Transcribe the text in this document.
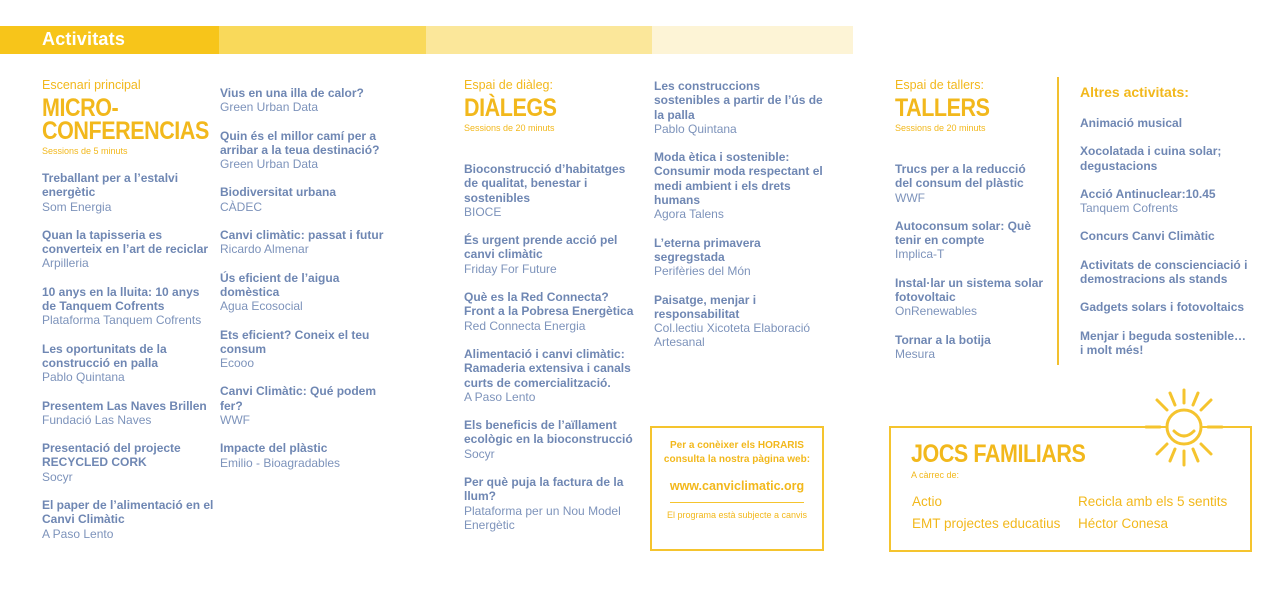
Activitats
Escenari principal
MICRO-
CONFERENCIAS
Sessions de 5 minuts
Treballant per a l’estalvi energètic
Som Energia
Quan la tapisseria es converteix en l’art de reciclar
Arpilleria
10 anys en la lluita: 10 anys de Tanquem Cofrents
Plataforma Tanquem Cofrents
Les oportunitats de la construcció en palla
Pablo Quintana
Presentem Las Naves Brillen
Fundació Las Naves
Presentació del projecte RECYCLED CORK
Socyr
El paper de l’alimentació en el Canvi Climàtic
A Paso Lento
Vius en una illa de calor?
Green Urban Data
Quin és el millor camí per a arribar a la teua destinació?
Green Urban Data
Biodiversitat urbana
CÀDEC
Canvi climàtic: passat i futur
Ricardo Almenar
Ús eficient de l’aigua domèstica
Agua Ecosocial
Ets eficient? Coneix el teu consum
Ecooo
Canvi Climàtic: Qué podem fer?
WWF
Impacte del plàstic
Emilio - Bioagradables
Espai de diàleg:
DIÀLEGS
Sessions de 20 minuts
Bioconstrucció d’habitatges de qualitat, benestar i sostenibles
BIOCE
És urgent prende acció pel canvi climàtic
Friday For Future
Què es la Red Connecta? Front a la Pobresa Energètica
Red Connecta Energia
Alimentació i canvi climàtic: Ramaderia extensiva i canals curts de comercialització.
A Paso Lento
Els beneficis de l’aïllament ecològic en la bioconstrucció
Socyr
Per què puja la factura de la llum?
Plataforma per un Nou Model Energètic
Les construccions sostenibles a partir de l’ús de la palla
Pablo Quintana
Moda ètica i sostenible: Consumir moda respectant el medi ambient i els drets humans
Agora Talens
L’eterna primavera segregstada
Perifèries del Món
Paisatge, menjar i responsabilitat
Col.lectiu Xicoteta Elaboració Artesanal
Espai de tallers:
TALLERS
Sessions de 20 minuts
Trucs per a la reducció del consum del plàstic
WWF
Autoconsum solar: Què tenir en compte
Implica-T
Instal·lar un sistema solar fotovoltaic
OnRenewables
Tornar a la botija
Mesura
Altres activitats:
Animació musical
Xocolatada i cuina solar; degustacions
Acció Antinuclear:10.45
Tanquem Cofrents
Concurs Canvi Climàtic
Activitats de conscienciació i demostracions als stands
Gadgets solars i fotovoltaics
Menjar i beguda sostenible… i molt més!
Per a conèixer els HORARIS
consulta la nostra pàgina web:
www.canviclimatic.org
El programa està subjecte a canvis
JOCS FAMILIARS
A càrrec de:
Actio
EMT projectes educatius
Recicla amb els 5 sentits
Héctor Conesa
